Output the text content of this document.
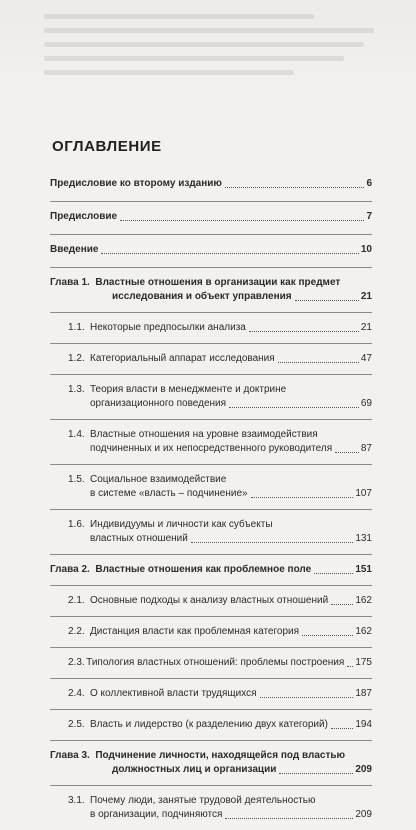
ОГЛАВЛЕНИЕ
Предисловие ко второму изданию	6
Предисловие	7
Введение	10
Глава 1. Властные отношения в организации как предмет
исследования и объект управления	21
1.1. Некоторые предпосылки анализа	21
1.2. Категориальный аппарат исследования	47
1.3. Теория власти в менеджменте и доктрине
организационного поведения	69
1.4. Властные отношения на уровне взаимодействия
подчиненных и их непосредственного руководителя	87
1.5. Социальное взаимодействие
в системе «власть – подчинение»	107
1.6. Индивидуумы и личности как субъекты
властных отношений	131
Глава 2. Властные отношения как проблемное поле	151
2.1. Основные подходы к анализу властных отношений	162
2.2. Дистанция власти как проблемная категория	162
2.3. Типология властных отношений: проблемы построения 175
2.4. О коллективной власти трудящихся	187
2.5. Власть и лидерство (к разделению двух категорий)	194
Глава 3. Подчинение личности, находящейся под властью
должностных лиц и организации	209
3.1. Почему люди, занятые трудовой деятельностью
в организации, подчиняются	209
